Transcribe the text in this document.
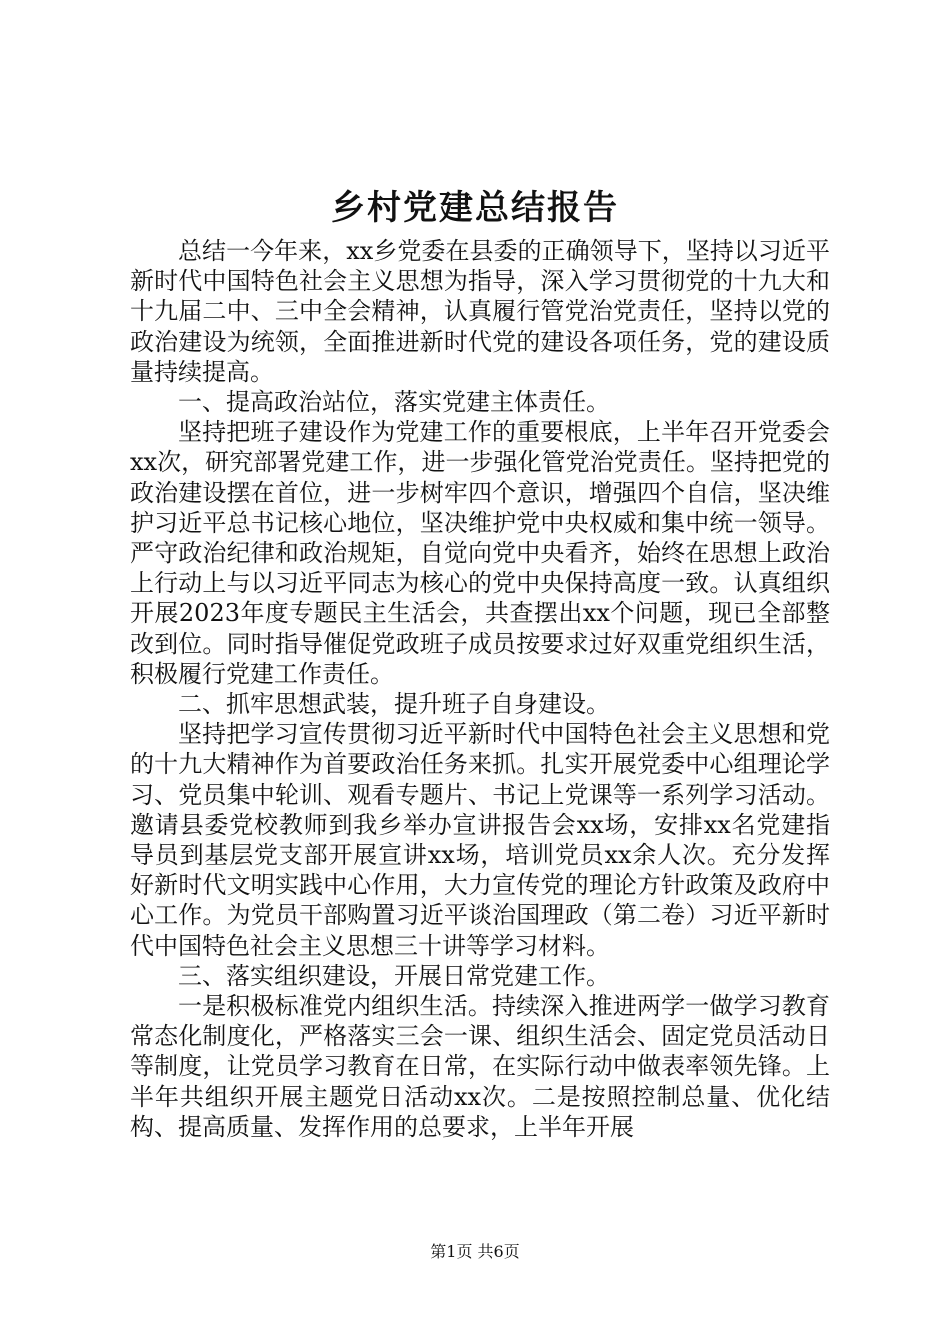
乡村党建总结报告

总结一今年来，xx乡党委在县委的正确领导下，坚持以习近平新时代中国特色社会主义思想为指导，深入学习贯彻党的十九大和十九届二中、三中全会精神，认真履行管党治党责任，坚持以党的政治建设为统领，全面推进新时代党的建设各项任务，党的建设质量持续提高。

一、提高政治站位，落实党建主体责任。

坚持把班子建设作为党建工作的重要根底，上半年召开党委会xx次，研究部署党建工作，进一步强化管党治党责任。坚持把党的政治建设摆在首位，进一步树牢四个意识，增强四个自信，坚决维护习近平总书记核心地位，坚决维护党中央权威和集中统一领导。严守政治纪律和政治规矩，自觉向党中央看齐，始终在思想上政治上行动上与以习近平同志为核心的党中央保持高度一致。认真组织开展2023年度专题民主生活会，共查摆出xx个问题，现已全部整改到位。同时指导催促党政班子成员按要求过好双重党组织生活，积极履行党建工作责任。

二、抓牢思想武装，提升班子自身建设。

坚持把学习宣传贯彻习近平新时代中国特色社会主义思想和党的十九大精神作为首要政治任务来抓。扎实开展党委中心组理论学习、党员集中轮训、观看专题片、书记上党课等一系列学习活动。邀请县委党校教师到我乡举办宣讲报告会xx场，安排xx名党建指导员到基层党支部开展宣讲xx场，培训党员xx余人次。充分发挥好新时代文明实践中心作用，大力宣传党的理论方针政策及政府中心工作。为党员干部购置习近平谈治国理政（第二卷）习近平新时代中国特色社会主义思想三十讲等学习材料。

三、落实组织建设，开展日常党建工作。

一是积极标准党内组织生活。持续深入推进两学一做学习教育常态化制度化，严格落实三会一课、组织生活会、固定党员活动日等制度，让党员学习教育在日常，在实际行动中做表率领先锋。上半年共组织开展主题党日活动xx次。二是按照控制总量、优化结构、提高质量、发挥作用的总要求，上半年开展

第1页 共6页
